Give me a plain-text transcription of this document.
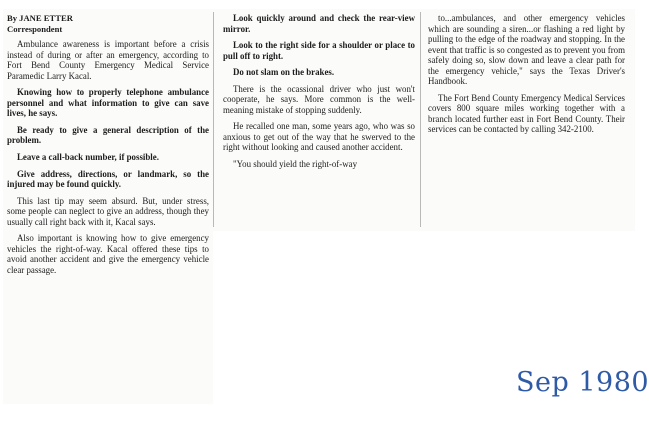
By JANE ETTER
Correspondent

Ambulance awareness is important before a crisis instead of during or after an emergency, according to Fort Bend County Emergency Medical Service Paramedic Larry Kacal.

Knowing how to properly telephone ambulance personnel and what information to give can save lives, he says.

Be ready to give a general description of the problem.

Leave a call-back number, if possible.

Give address, directions, or landmark, so the injured may be found quickly.

This last tip may seem absurd. But, under stress, some people can neglect to give an address, though they usually call right back with it, Kacal says.

Also important is knowing how to give emergency vehicles the right-of-way. Kacal offered these tips to avoid another accident and give the emergency vehicle clear passage.

Look quickly around and check the rear-view mirror.

Look to the right side for a shoulder or place to pull off to right.

Do not slam on the brakes.

There is the ocassional driver who just won't cooperate, he says. More common is the well-meaning mistake of stopping suddenly.

He recalled one man, some years ago, who was so anxious to get out of the way that he swerved to the right without looking and caused another accident.

"You should yield the right-of-way

to...ambulances, and other emergency vehicles which are sounding a siren...or flashing a red light by pulling to the edge of the roadway and stopping. In the event that traffic is so congested as to prevent you from safely doing so, slow down and leave a clear path for the emergency vehicle," says the Texas Driver's Handbook.

The Fort Bend County Emergency Medical Services covers 800 square miles working together with a branch located further east in Fort Bend County. Their services can be contacted by calling 342-2100.

Sep 1980
